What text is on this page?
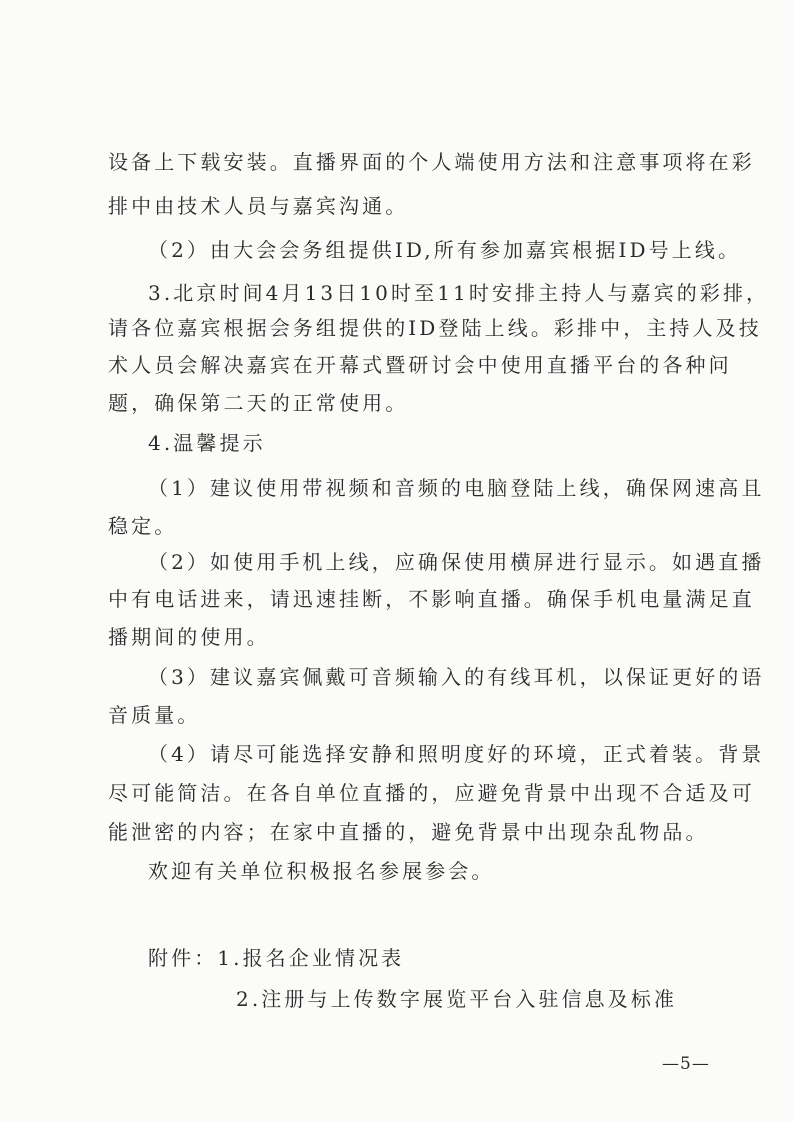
设备上下载安装。直播界面的个人端使用方法和注意事项将在彩
排中由技术人员与嘉宾沟通。
（2）由大会会务组提供ID,所有参加嘉宾根据ID号上线。
3.北京时间4月13日10时至11时安排主持人与嘉宾的彩排，
请各位嘉宾根据会务组提供的ID登陆上线。彩排中，主持人及技
术人员会解决嘉宾在开幕式暨研讨会中使用直播平台的各种问
题，确保第二天的正常使用。
4.温馨提示
（1）建议使用带视频和音频的电脑登陆上线，确保网速高且
稳定。
（2）如使用手机上线，应确保使用横屏进行显示。如遇直播
中有电话进来，请迅速挂断，不影响直播。确保手机电量满足直
播期间的使用。
（3）建议嘉宾佩戴可音频输入的有线耳机，以保证更好的语
音质量。
（4）请尽可能选择安静和照明度好的环境，正式着装。背景
尽可能简洁。在各自单位直播的，应避免背景中出现不合适及可
能泄密的内容；在家中直播的，避免背景中出现杂乱物品。
欢迎有关单位积极报名参展参会。
附件：1.报名企业情况表
2.注册与上传数字展览平台入驻信息及标准
—5—
